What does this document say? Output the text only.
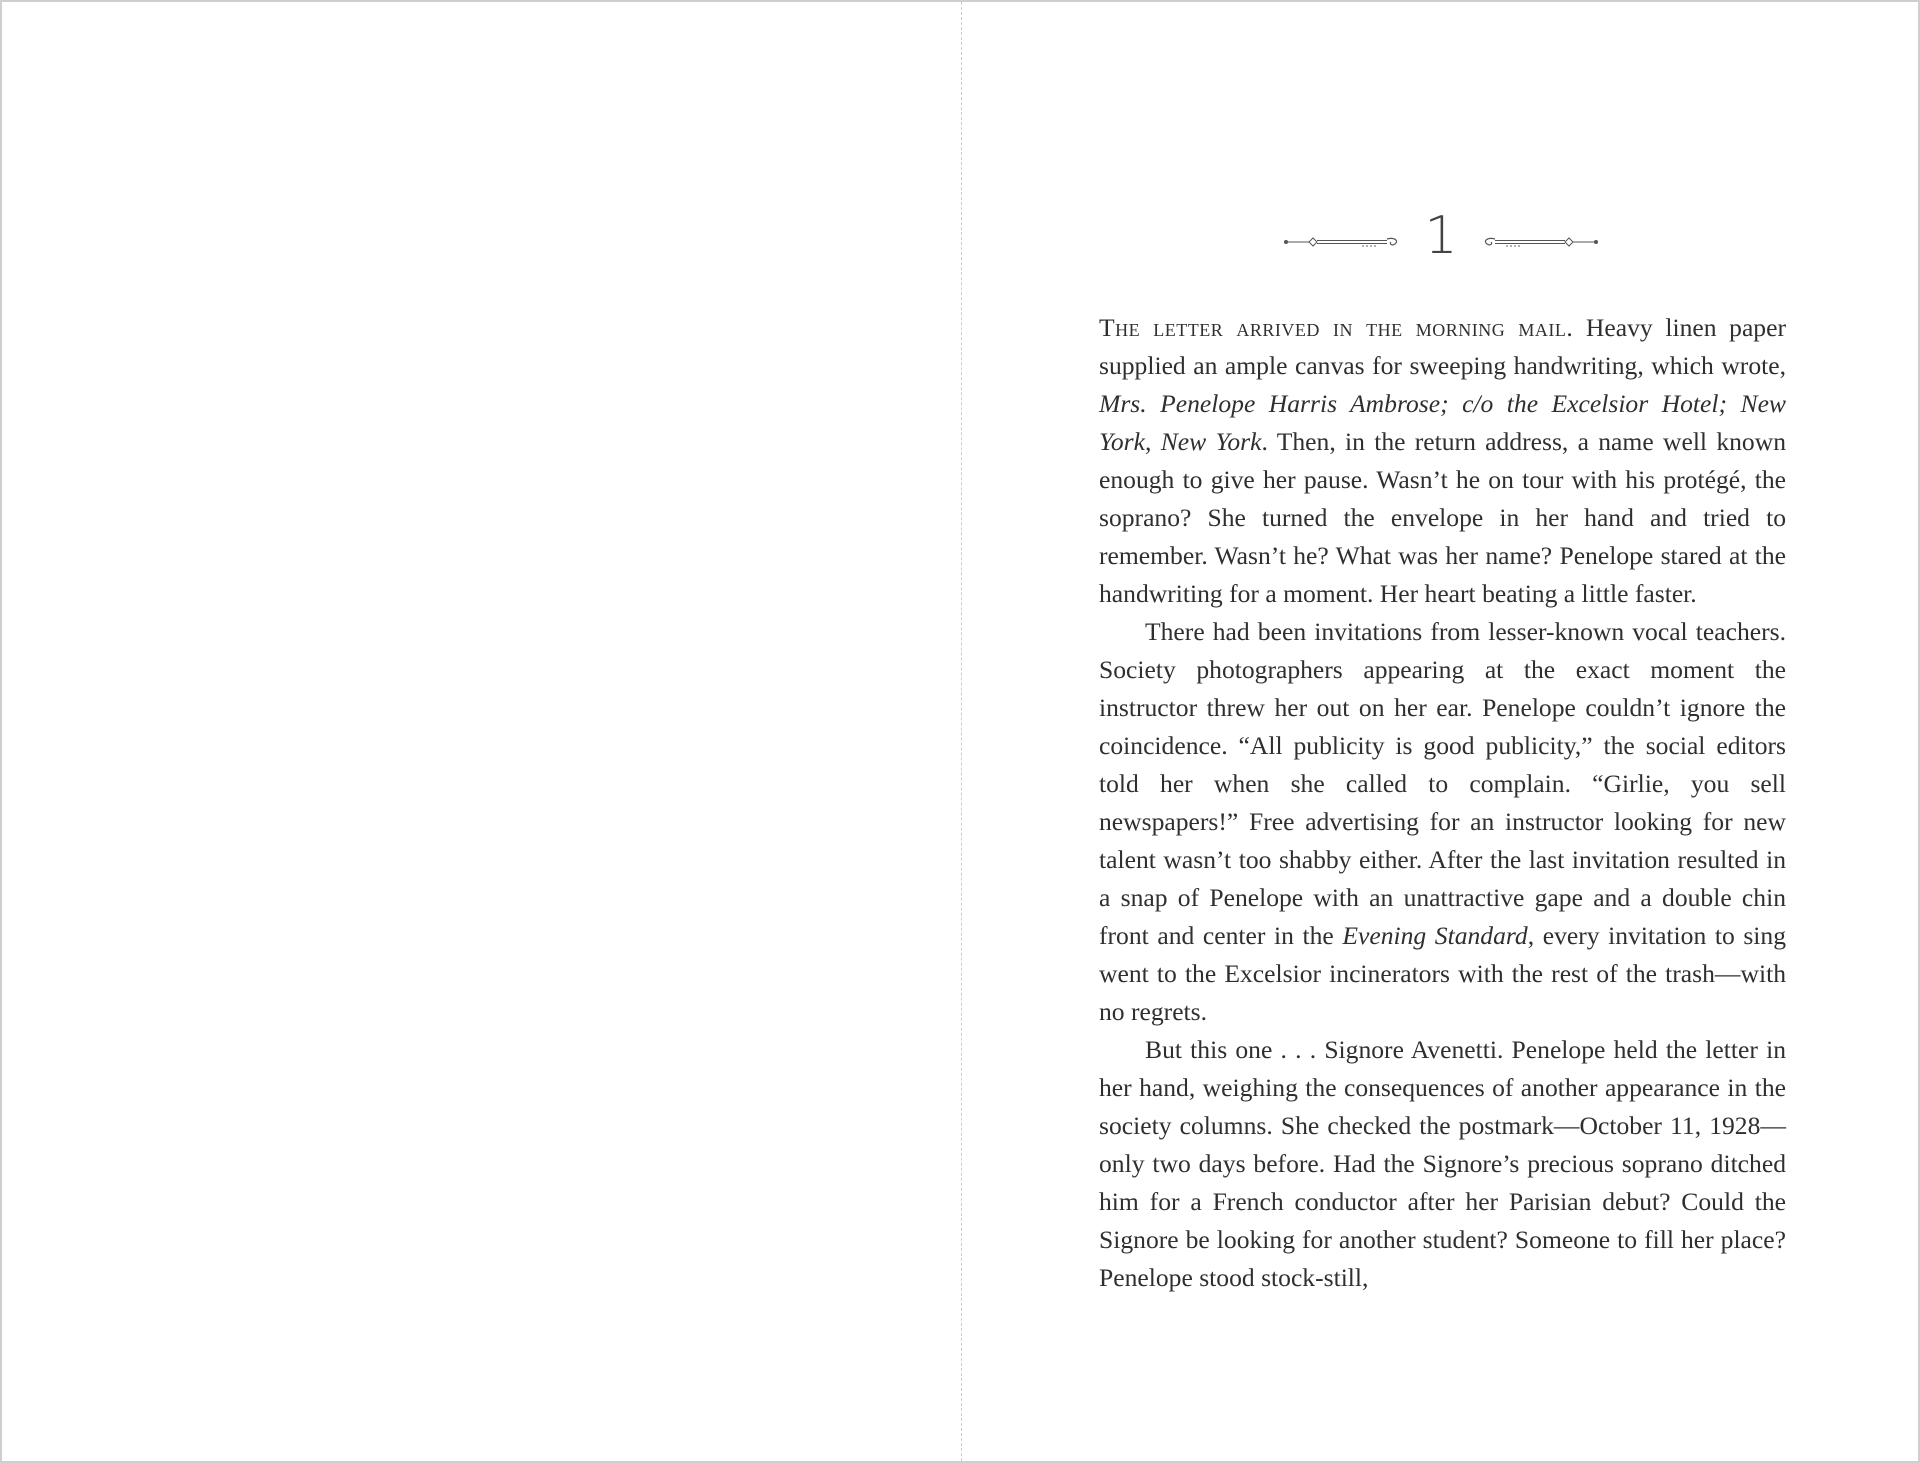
1

The letter arrived in the morning mail. Heavy linen paper supplied an ample canvas for sweeping handwriting, which wrote, Mrs. Penelope Harris Ambrose; c/o the Excelsior Hotel; New York, New York. Then, in the return address, a name well known enough to give her pause. Wasn’t he on tour with his protégé, the soprano? She turned the envelope in her hand and tried to remember. Wasn’t he? What was her name? Penelope stared at the handwriting for a moment. Her heart beating a little faster.

There had been invitations from lesser-known vocal teachers. Society photographers appearing at the exact moment the instructor threw her out on her ear. Penelope couldn’t ignore the coincidence. “All publicity is good publicity,” the social editors told her when she called to complain. “Girlie, you sell newspapers!” Free advertising for an instructor looking for new talent wasn’t too shabby either. After the last invitation resulted in a snap of Penelope with an unattractive gape and a double chin front and center in the Evening Standard, every invitation to sing went to the Excelsior incinerators with the rest of the trash—with no regrets.

But this one . . . Signore Avenetti. Penelope held the letter in her hand, weighing the consequences of another appearance in the society columns. She checked the postmark—October 11, 1928—only two days before. Had the Signore’s precious soprano ditched him for a French conductor after her Parisian debut? Could the Signore be looking for another student? Someone to fill her place? Penelope stood stock-still,
